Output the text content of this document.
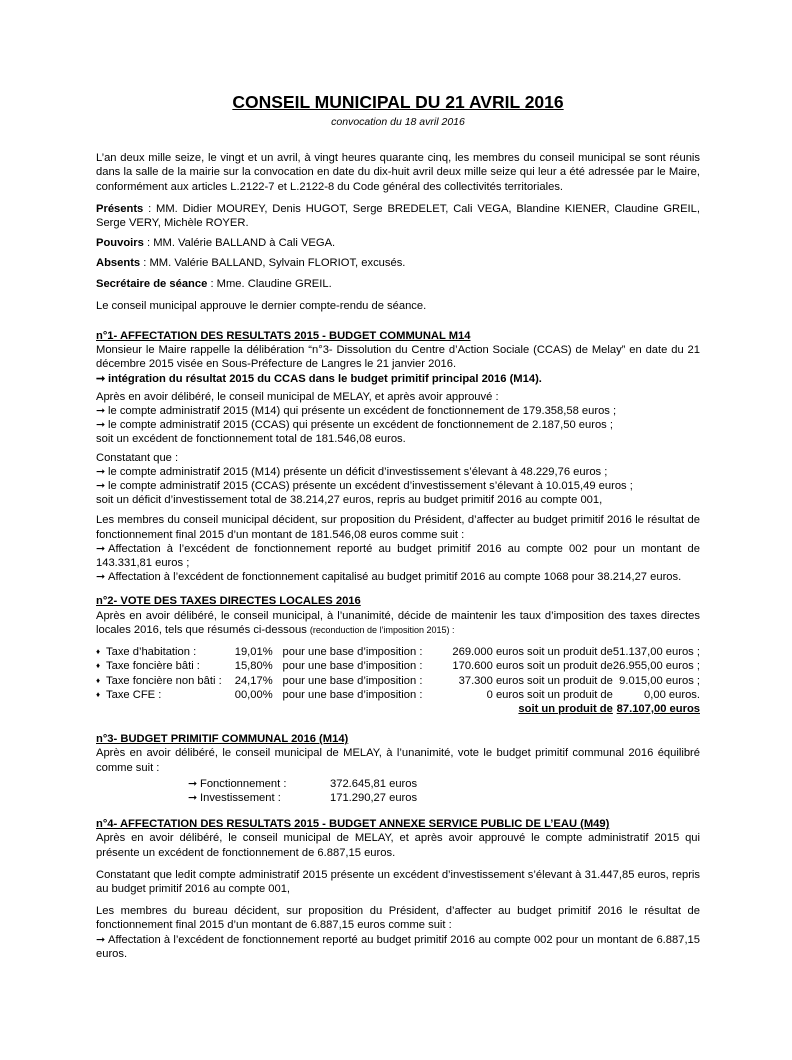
CONSEIL MUNICIPAL DU 21 AVRIL 2016
convocation du 18 avril 2016

L’an deux mille seize, le vingt et un avril, à vingt heures quarante cinq, les membres du conseil municipal se sont réunis dans la salle de la mairie sur la convocation en date du dix-huit avril deux mille seize qui leur a été adressée par le Maire, conformément aux articles L.2122-7 et L.2122-8 du Code général des collectivités territoriales.

Présents : MM. Didier MOUREY, Denis HUGOT, Serge BREDELET, Cali VEGA, Blandine KIENER, Claudine GREIL, Serge VERY, Michèle ROYER.

Pouvoirs : MM. Valérie BALLAND à Cali VEGA.

Absents : MM. Valérie BALLAND, Sylvain FLORIOT, excusés.

Secrétaire de séance : Mme. Claudine GREIL.

Le conseil municipal approuve le dernier compte-rendu de séance.

n°1- AFFECTATION DES RESULTATS 2015 - BUDGET COMMUNAL M14

Monsieur le Maire rappelle la délibération “n°3- Dissolution du Centre d’Action Sociale (CCAS) de Melay” en date du 21 décembre 2015 visée en Sous-Préfecture de Langres le 21 janvier 2016.

➞ intégration du résultat 2015 du CCAS dans le budget primitif principal 2016 (M14).

Après en avoir délibéré, le conseil municipal de MELAY, et après avoir approuvé :

➞ le compte administratif 2015 (M14) qui présente un excédent de fonctionnement de 179.358,58 euros ;

➞ le compte administratif 2015 (CCAS) qui présente un excédent de fonctionnement de 2.187,50 euros ;

soit un excédent de fonctionnement total de 181.546,08 euros.

Constatant que :

➞ le compte administratif 2015 (M14) présente un déficit d’investissement s’élevant à 48.229,76 euros ;

➞ le compte administratif 2015 (CCAS) présente un excédent d’investissement s’élevant à 10.015,49 euros ;

soit un déficit d’investissement total de 38.214,27 euros, repris au budget primitif 2016 au compte 001,

Les membres du conseil municipal décident, sur proposition du Président, d’affecter au budget primitif 2016 le résultat de fonctionnement final 2015 d’un montant de 181.546,08 euros comme suit :

➞ Affectation à l’excédent de fonctionnement reporté au budget primitif 2016 au compte 002 pour un montant de 143.331,81 euros ;

➞ Affectation à l’excédent de fonctionnement capitalisé au budget primitif 2016 au compte 1068 pour 38.214,27 euros.

n°2- VOTE DES TAXES DIRECTES LOCALES 2016

Après en avoir délibéré, le conseil municipal, à l’unanimité, décide de maintenir les taux d’imposition des taxes directes locales 2016, tels que résumés ci-dessous (reconduction de l’imposition 2015) :

♦ Taxe d’habitation :	19,01%	pour une base d’imposition :	269.000 euros soit un produit de	51.137,00 euros ;
♦ Taxe foncière bâti :	15,80%	pour une base d’imposition :	170.600 euros soit un produit de	26.955,00 euros ;
♦ Taxe foncière non bâti :	24,17%	pour une base d’imposition :	37.300 euros soit un produit de	9.015,00 euros ;
♦ Taxe CFE :	00,00%	pour une base d’imposition :	0 euros soit un produit de	0,00 euros.
			soit un produit de	87.107,00 euros
n°3- BUDGET PRIMITIF COMMUNAL 2016 (M14)

Après en avoir délibéré, le conseil municipal de MELAY, à l’unanimité, vote le budget primitif communal 2016 équilibré comme suit :

➞ Fonctionnement :	372.645,81 euros
➞ Investissement :	171.290,27 euros
n°4- AFFECTATION DES RESULTATS 2015 - BUDGET ANNEXE SERVICE PUBLIC DE L’EAU (M49)

Après en avoir délibéré, le conseil municipal de MELAY, et après avoir approuvé le compte administratif 2015 qui présente un excédent de fonctionnement de 6.887,15 euros.

Constatant que ledit compte administratif 2015 présente un excédent d’investissement s’élevant à 31.447,85 euros, repris au budget primitif 2016 au compte 001,

Les membres du bureau décident, sur proposition du Président, d’affecter au budget primitif 2016 le résultat de fonctionnement final 2015 d’un montant de 6.887,15 euros comme suit :

➞ Affectation à l’excédent de fonctionnement reporté au budget primitif 2016 au compte 002 pour un montant de 6.887,15 euros.
